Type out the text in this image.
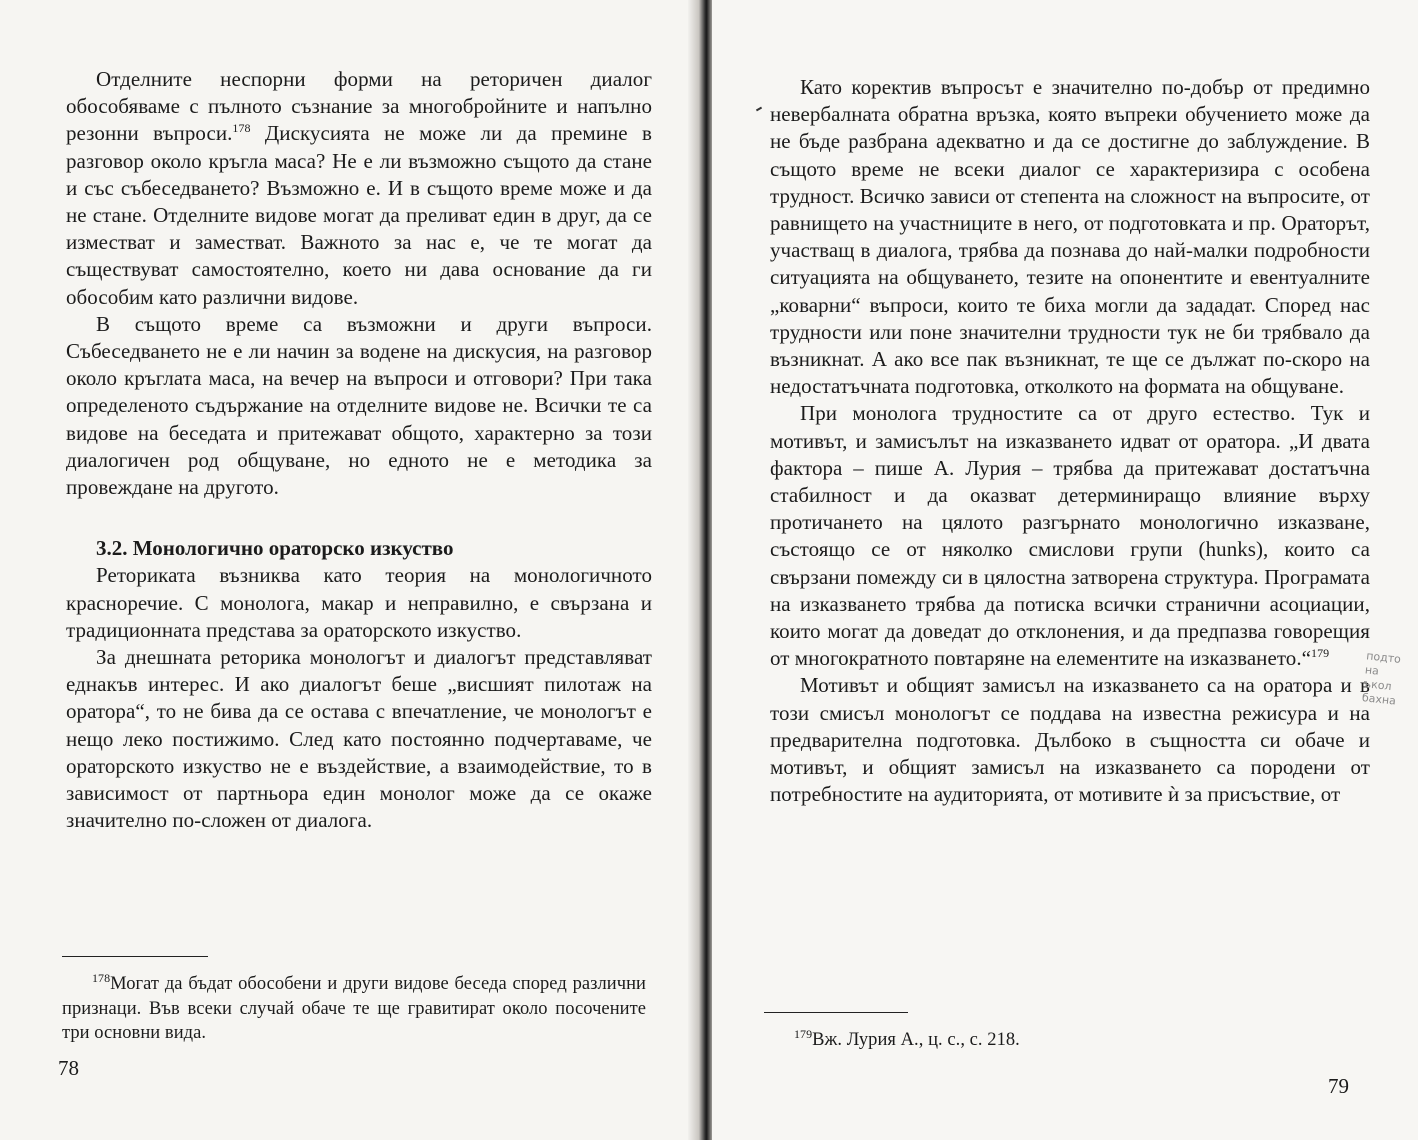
Отделните неспорни форми на реторичен диалог обособяваме с пълното съзнание за многобройните и напълно резонни въпроси.$^{178}$ Дискусията не може ли да премине в разговор около кръгла маса? Не е ли възможно същото да стане и със събеседването? Възможно е. И в същото време може и да не стане. Отделните видове могат да преливат един в друг, да се изместват и заместват. Важното за нас е, че те могат да съществуват самостоятелно, което ни дава основание да ги обособим като различни видове.

В същото време са възможни и други въпроси. Събеседването не е ли начин за водене на дискусия, на разговор около кръглата маса, на вечер на въпроси и отговори? При така определеното съдържание на отделните видове не. Всички те са видове на беседата и притежават общото, характерно за този диалогичен род общуване, но едното не е методика за провеждане на другото.

3.2. Монологично ораторско изкуство

Реториката възниква като теория на монологичното красноречие. С монолога, макар и неправилно, е свързана и традиционната представа за ораторското изкуство.

За днешната реторика монологът и диалогът представляват еднакъв интерес. И ако диалогът беше „висшият пилотаж на оратора“, то не бива да се остава с впечатление, че монологът е нещо леко постижимо. След като постоянно подчертаваме, че ораторското изкуство не е въздействие, а взаимодействие, то в зависимост от партньора един монолог може да се окаже значително по-сложен от диалога.

$^{178}$Могат да бъдат обособени и други видове беседа според различни признаци. Във всеки случай обаче те ще гравитират около посочените три основни вида.

78

Като коректив въпросът е значително по-добър от предимно невербалната обратна връзка, която въпреки обучението може да не бъде разбрана адекватно и да се достигне до заблуждение. В същото време не всеки диалог се характеризира с особена трудност. Всичко зависи от степента на сложност на въпросите, от равнището на участниците в него, от подготовката и пр. Ораторът, участващ в диалога, трябва да познава до най-малки подробности ситуацията на общуването, тезите на опонентите и евентуалните „коварни“ въпроси, които те биха могли да зададат. Според нас трудности или поне значителни трудности тук не би трябвало да възникнат. А ако все пак възникнат, те ще се дължат по-скоро на недостатъчната подготовка, отколкото на формата на общуване.

При монолога трудностите са от друго естество. Тук и мотивът, и замисълът на изказването идват от оратора. „И двата фактора – пише А. Лурия – трябва да притежават достатъчна стабилност и да оказват детерминиращо влияние върху протичането на цялото разгърнато монологично изказване, състоящо се от няколко смислови групи (hunks), които са свързани помежду си в цялостна затворена структура. Програмата на изказването трябва да потиска всички странични асоциации, които могат да доведат до отклонения, и да предпазва говорещия от многократното повтаряне на елементите на изказването.“$^{179}$

Мотивът и общият замисъл на изказването са на оратора и в този смисъл монологът се поддава на известна режисура и на предварителна подготовка. Дълбоко в същността си обаче и мотивът, и общият замисъл на изказването са породени от потребностите на аудиторията, от мотивите ѝ за присъствие, от

$^{179}$Вж. Лурия А., ц. с., с. 218.

79
подто
на
ъкол
бахна
